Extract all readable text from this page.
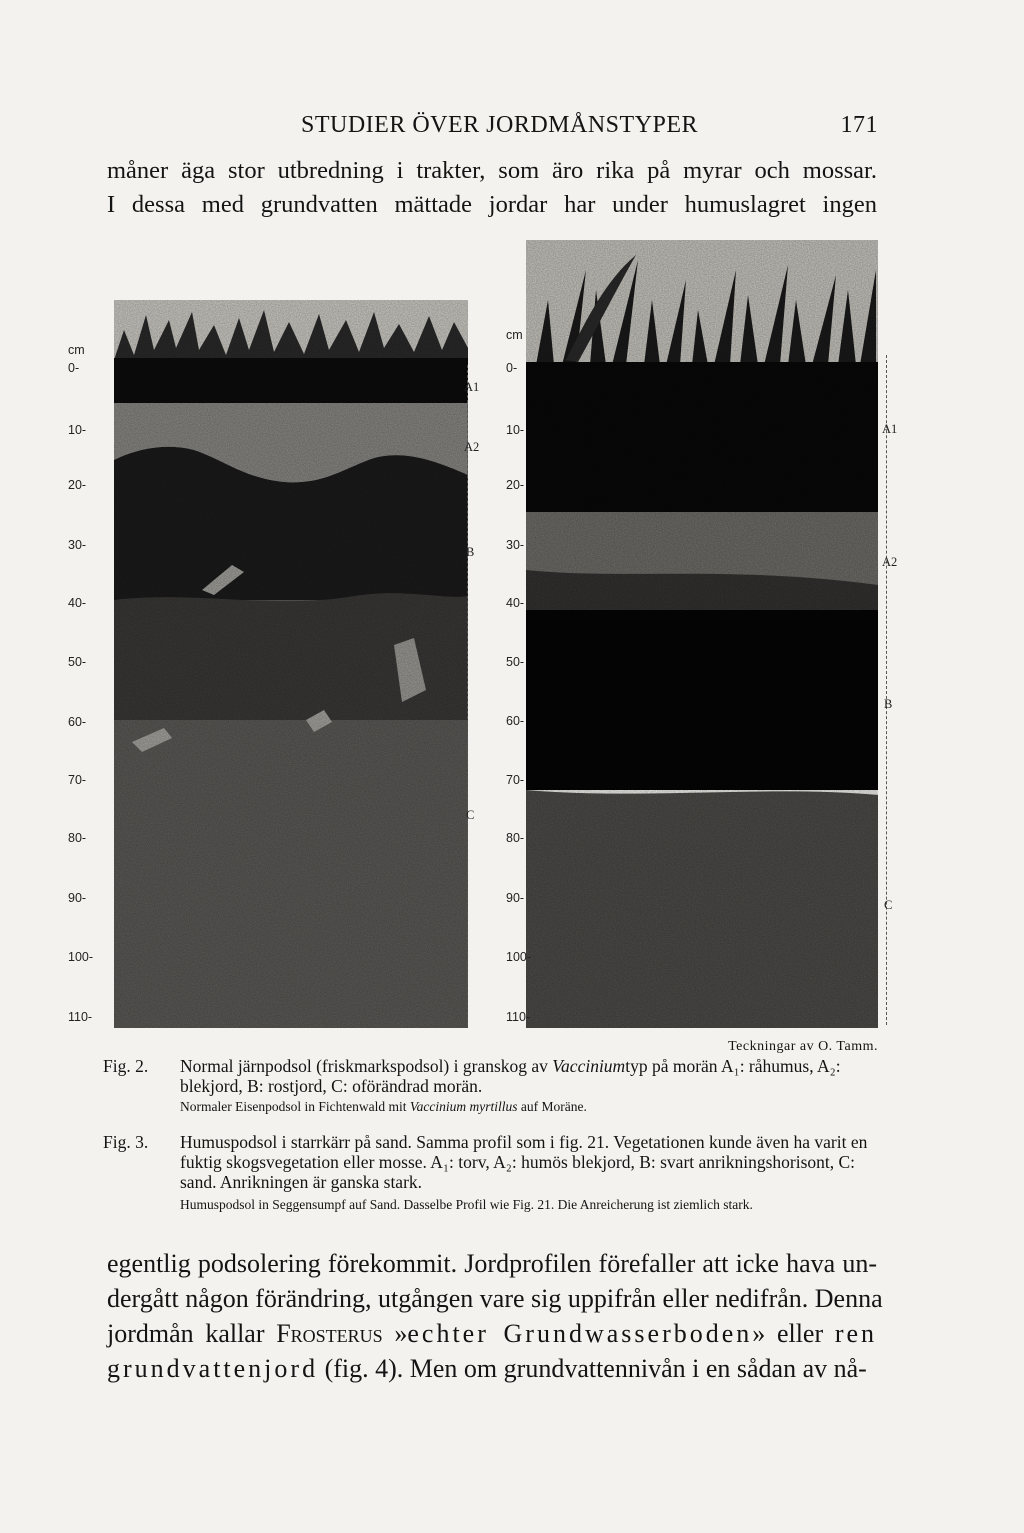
STUDIER ÖVER JORDMÅNSTYPER	171
måner äga stor utbredning i trakter, som äro rika på myrar och mossar.
I dessa med grundvatten mättade jordar har under humuslagret ingen
cm
0-
10-
20-
30-
40-
50-
60-
70-
80-
90-
100-
110-
A1
A2
B
C
cm
0-
10-
20-
30-
40-
50-
60-
70-
80-
90-
100-
110-
A1
A2
B
C
Teckningar av O. Tamm.
Fig. 2.	Normal järnpodsol (friskmarkspodsol) i granskog av Vacciniumtyp på morän A₁: råhumus, A₂: blekjord, B: rostjord, C: oförändrad morän.
Normaler Eisenpodsol in Fichtenwald mit Vaccinium myrtillus auf Moräne.
Fig. 3.	Humuspodsol i starrkärr på sand. Samma profil som i fig. 21. Vegetationen kunde även ha varit en fuktig skogsvegetation eller mosse. A₁: torv, A₂: humös blekjord, B: svart anrikningshorisont, C: sand. Anrikningen är ganska stark.
Humuspodsol in Seggensumpf auf Sand. Dasselbe Profil wie Fig. 21. Die Anreicherung ist ziemlich stark.
egentlig podsolering förekommit. Jordprofilen förefaller att icke hava un-
dergått någon förändring, utgången vare sig uppifrån eller nedifrån. Denna
jordmån kallar Frosterus »echter Grundwasserboden» eller ren
grundvattenjord (fig. 4). Men om grundvattennivån i en sådan av nå-
